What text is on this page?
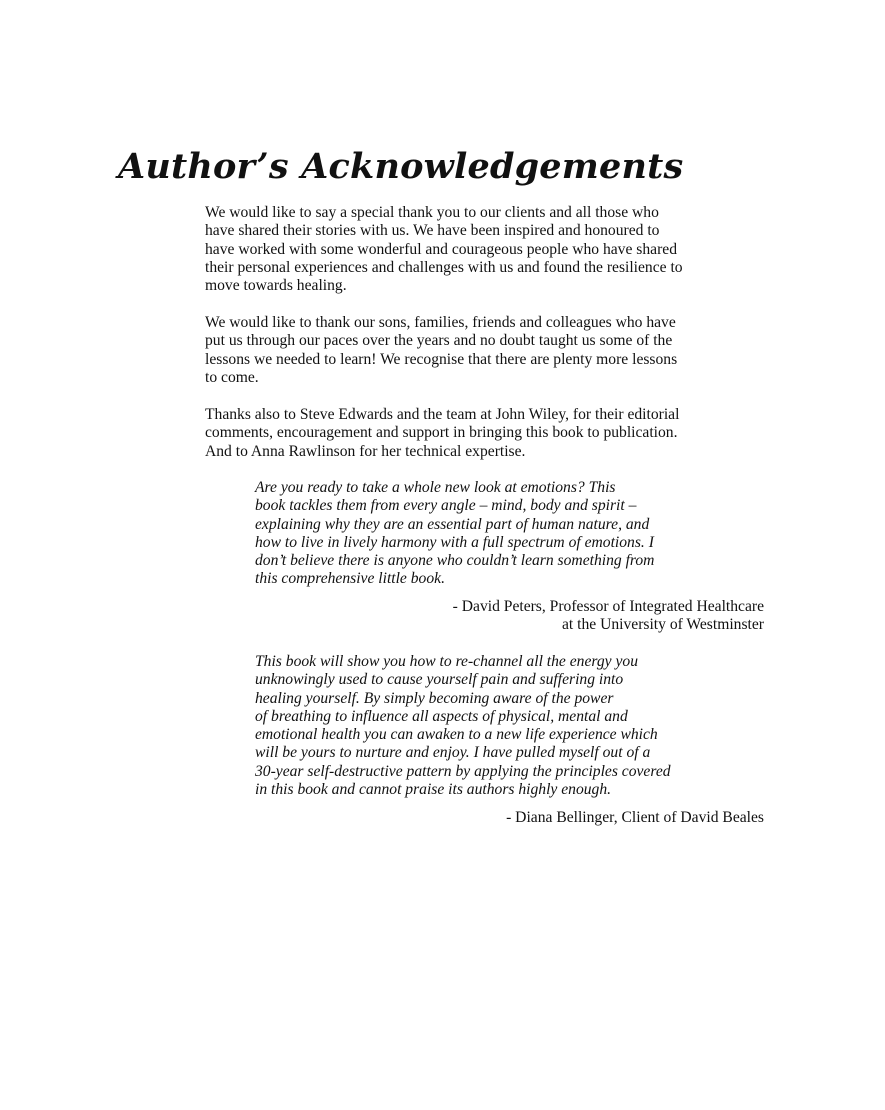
Author’s Acknowledgements
We would like to say a special thank you to our clients and all those who
have shared their stories with us. We have been inspired and honoured to
have worked with some wonderful and courageous people who have shared
their personal experiences and challenges with us and found the resilience to
move towards healing.
We would like to thank our sons, families, friends and colleagues who have
put us through our paces over the years and no doubt taught us some of the
lessons we needed to learn! We recognise that there are plenty more lessons
to come.
Thanks also to Steve Edwards and the team at John Wiley, for their editorial
comments, encouragement and support in bringing this book to publication.
And to Anna Rawlinson for her technical expertise.
Are you ready to take a whole new look at emotions? This
book tackles them from every angle – mind, body and spirit –
explaining why they are an essential part of human nature, and
how to live in lively harmony with a full spectrum of emotions. I
don’t believe there is anyone who couldn’t learn something from
this comprehensive little book.
- David Peters, Professor of Integrated Healthcare
at the University of Westminster
This book will show you how to re-channel all the energy you
unknowingly used to cause yourself pain and suffering into
healing yourself. By simply becoming aware of the power
of breathing to influence all aspects of physical, mental and
emotional health you can awaken to a new life experience which
will be yours to nurture and enjoy. I have pulled myself out of a
30-year self-destructive pattern by applying the principles covered
in this book and cannot praise its authors highly enough.
- Diana Bellinger, Client of David Beales
